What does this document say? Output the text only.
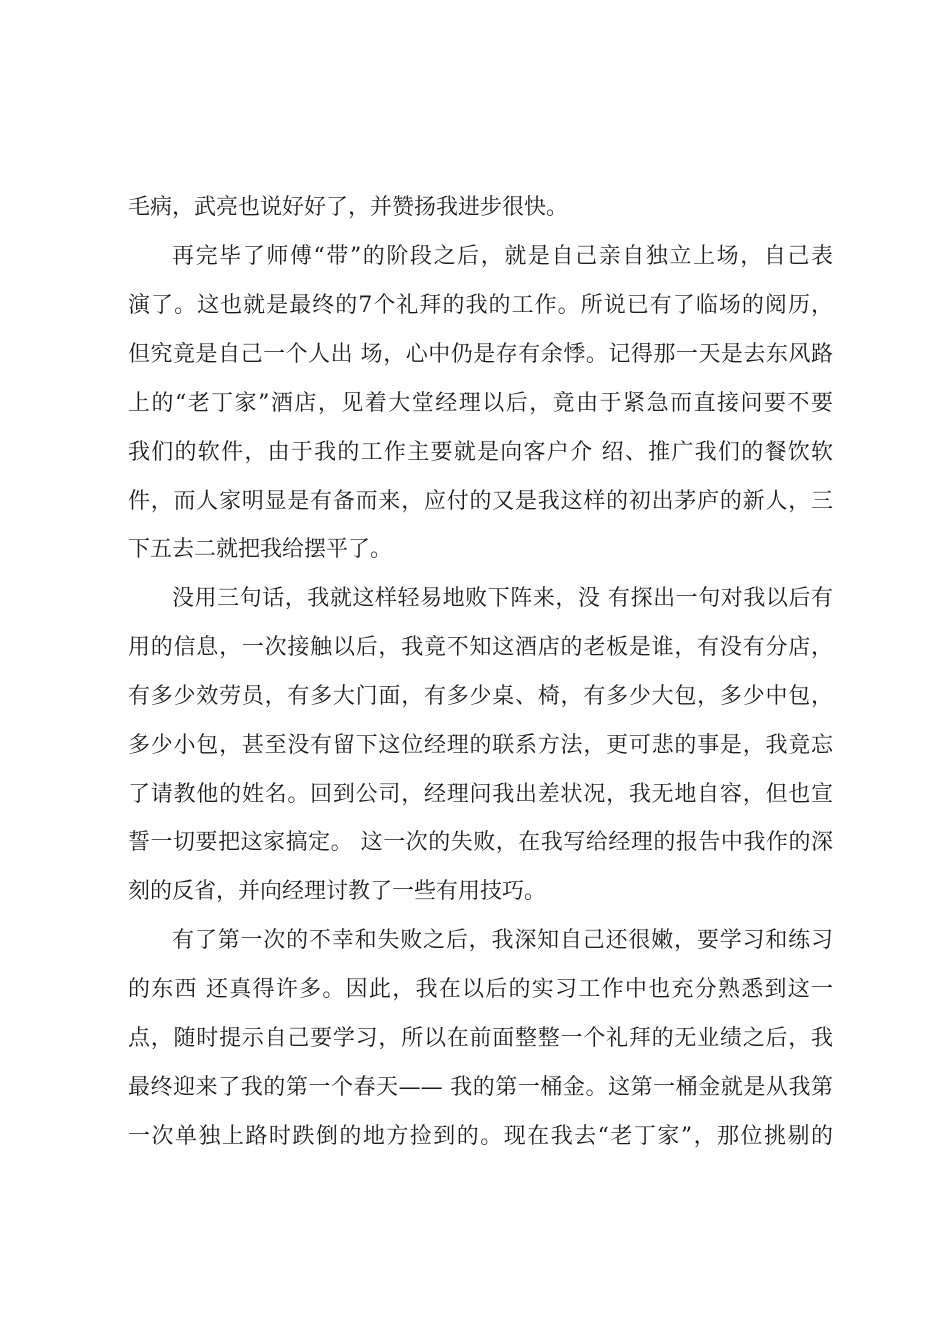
毛病，武亮也说好好了，并赞扬我进步很快。
再完毕了师傅“带”的阶段之后，就是自己亲自独立上场，自己表
演了。这也就是最终的7个礼拜的我的工作。所说已有了临场的阅历，
但究竟是自己一个人出 场，心中仍是存有余悸。记得那一天是去东风路
上的“老丁家”酒店，见着大堂经理以后，竟由于紧急而直接问要不要
我们的软件，由于我的工作主要就是向客户介 绍、推广我们的餐饮软
件，而人家明显是有备而来，应付的又是我这样的初出茅庐的新人，三
下五去二就把我给摆平了。
没用三句话，我就这样轻易地败下阵来，没 有探出一句对我以后有
用的信息，一次接触以后，我竟不知这酒店的老板是谁，有没有分店，
有多少效劳员，有多大门面，有多少桌、椅，有多少大包，多少中包，
多少小包，甚至没有留下这位经理的联系方法，更可悲的事是，我竟忘
了请教他的姓名。回到公司，经理问我出差状况，我无地自容，但也宣
誓一切要把这家搞定。 这一次的失败，在我写给经理的报告中我作的深
刻的反省，并向经理讨教了一些有用技巧。
有了第一次的不幸和失败之后，我深知自己还很嫩，要学习和练习
的东西 还真得许多。因此，我在以后的实习工作中也充分熟悉到这一
点，随时提示自己要学习，所以在前面整整一个礼拜的无业绩之后，我
最终迎来了我的第一个春天—— 我的第一桶金。这第一桶金就是从我第
一次单独上路时跌倒的地方捡到的。现在我去“老丁家”，那位挑剔的
